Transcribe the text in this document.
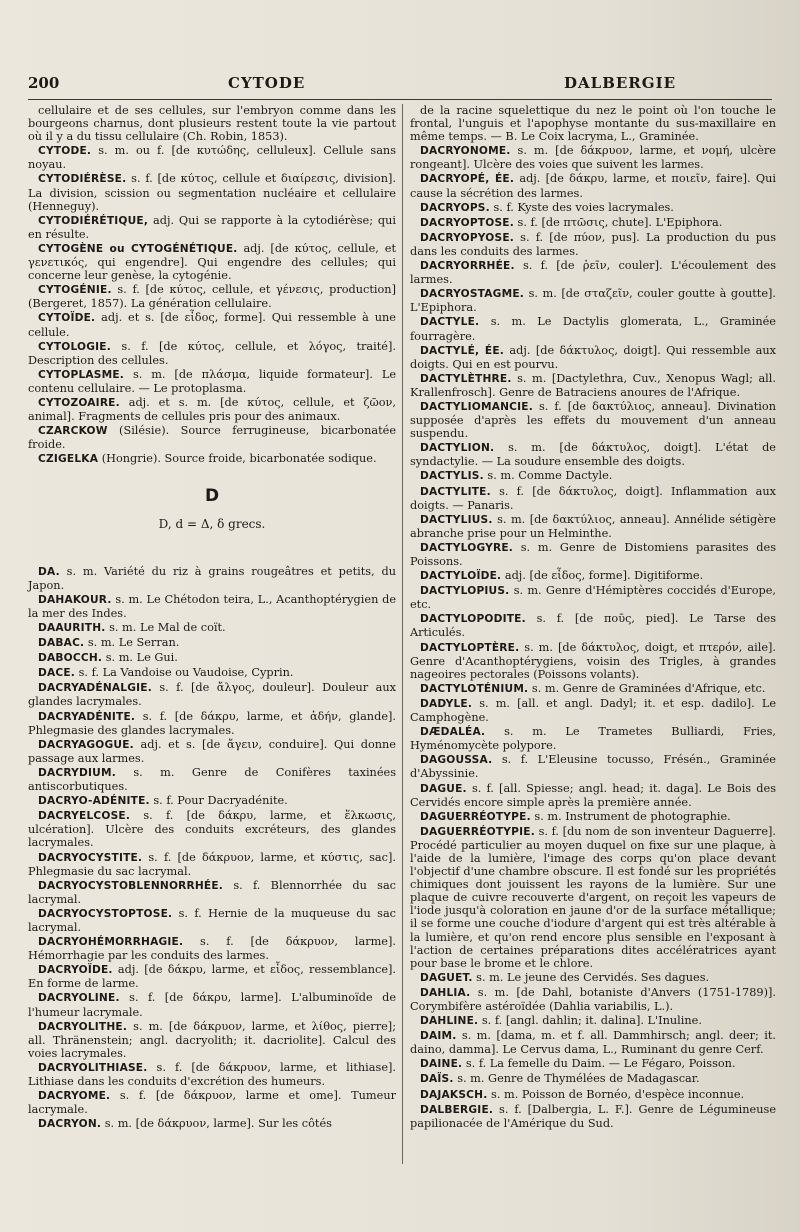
200	CYTODE	DALBERGIE

cellulaire et de ses cellules, sur l'embryon comme dans les bourgeons charnus, dont plusieurs restent toute la vie partout où il y a du tissu cellulaire (Ch. Robin, 1853).

CYTODE. s. m. ou f. [de κυτώδης, celluleux]. Cellule sans noyau.

CYTODIÉRÈSE. s. f. [de κύτος, cellule et διαίρεσις, division]. La division, scission ou segmentation nucléaire et cellulaire (Henneguy).

CYTODIÉRÉTIQUE, adj. Qui se rapporte à la cytodiérèse; qui en résulte.

CYTOGÈNE ou CYTOGÉNÉTIQUE. adj. [de κύτος, cellule, et γενετικός, qui engendre]. Qui engendre des cellules; qui concerne leur genèse, la cytogénie.

CYTOGÉNIE. s. f. [de κύτος, cellule, et γένεσις, production] (Bergeret, 1857). La génération cellulaire.

CYTOÏDE. adj. et s. [de εἶδος, forme]. Qui ressemble à une cellule.

CYTOLOGIE. s. f. [de κύτος, cellule, et λόγος, traité]. Description des cellules.

CYTOPLASME. s. m. [de πλάσμα, liquide formateur]. Le contenu cellulaire. — Le protoplasma.

CYTOZOAIRE. adj. et s. m. [de κύτος, cellule, et ζῶον, animal]. Fragments de cellules pris pour des animaux.

CZARCKOW (Silésie). Source ferrugineuse, bicarbonatée froide.

CZIGELKA (Hongrie). Source froide, bicarbonatée sodique.

D
D, d = Δ, δ grecs.

DA. s. m. Variété du riz à grains rougeâtres et petits, du Japon.

DAHAKOUR. s. m. Le Chétodon teira, L., Acanthoptérygien de la mer des Indes.

DAAURITH. s. m. Le Mal de coït.

DABAC. s. m. Le Serran.

DABOCCH. s. m. Le Gui.

DACE. s. f. La Vandoise ou Vaudoise, Cyprin.

DACRYADÉNALGIE. s. f. [de ἄλγος, douleur]. Douleur aux glandes lacrymales.

DACRYADÉNITE. s. f. [de δάκρυ, larme, et ἀδήν, glande]. Phlegmasie des glandes lacrymales.

DACRYAGOGUE. adj. et s. [de ἄγειν, conduire]. Qui donne passage aux larmes.

DACRYDIUM. s. m. Genre de Conifères taxinées antiscorbutiques.

DACRYO-ADÉNITE. s. f. Pour Dacryadénite.

DACRYELCOSE. s. f. [de δάκρυ, larme, et ἕλκωσις, ulcération]. Ulcère des conduits excréteurs, des glandes lacrymales.

DACRYOCYSTITE. s. f. [de δάκρυον, larme, et κύστις, sac]. Phlegmasie du sac lacrymal.

DACRYOCYSTOBLENNORRHÉE. s. f. Blennorrhée du sac lacrymal.

DACRYOCYSTOPTOSE. s. f. Hernie de la muqueuse du sac lacrymal.

DACRYOHÉMORRHAGIE. s. f. [de δάκρυον, larme]. Hémorrhagie par les conduits des larmes.

DACRYOÏDE. adj. [de δάκρυ, larme, et εἶδος, ressemblance]. En forme de larme.

DACRYOLINE. s. f. [de δάκρυ, larme]. L'albuminoïde de l'humeur lacrymale.

DACRYOLITHE. s. m. [de δάκρυον, larme, et λίθος, pierre]; all. Thränenstein; angl. dacryolith; it. dacriolite]. Calcul des voies lacrymales.

DACRYOLITHIASE. s. f. [de δάκρυον, larme, et lithiase]. Lithiase dans les conduits d'excrétion des humeurs.

DACRYOME. s. f. [de δάκρυον, larme et ome]. Tumeur lacrymale.

DACRYON. s. m. [de δάκρυον, larme]. Sur les côtés

de la racine squelettique du nez le point où l'on touche le frontal, l'unguis et l'apophyse montante du sus-maxillaire en même temps. — B. Le Coix lacryma, L., Graminée.

DACRYONOME. s. m. [de δάκρυον, larme, et νομή, ulcère rongeant]. Ulcère des voies que suivent les larmes.

DACRYOPÉ, ÉE. adj. [de δάκρυ, larme, et ποιεῖν, faire]. Qui cause la sécrétion des larmes.

DACRYOPS. s. f. Kyste des voies lacrymales.

DACRYOPTOSE. s. f. [de πτῶσις, chute]. L'Epiphora.

DACRYOPYOSE. s. f. [de πύον, pus]. La production du pus dans les conduits des larmes.

DACRYORRHÉE. s. f. [de ῥεῖν, couler]. L'écoulement des larmes.

DACRYOSTAGME. s. m. [de σταζεῖν, couler goutte à goutte]. L'Epiphora.

DACTYLE. s. m. Le Dactylis glomerata, L., Graminée fourragère.

DACTYLÉ, ÉE. adj. [de δάκτυλος, doigt]. Qui ressemble aux doigts. Qui en est pourvu.

DACTYLÈTHRE. s. m. [Dactylethra, Cuv., Xenopus Wagl; all. Krallenfrosch]. Genre de Batraciens anoures de l'Afrique.

DACTYLIOMANCIE. s. f. [de δακτύλιος, anneau]. Divination supposée d'après les effets du mouvement d'un anneau suspendu.

DACTYLION. s. m. [de δάκτυλος, doigt]. L'état de syndactylie. — La soudure ensemble des doigts.

DACTYLIS. s. m. Comme Dactyle.

DACTYLITE. s. f. [de δάκτυλος, doigt]. Inflammation aux doigts. — Panaris.

DACTYLIUS. s. m. [de δακτύλιος, anneau]. Annélide sétigère abranche prise pour un Helminthe.

DACTYLOGYRE. s. m. Genre de Distomiens parasites des Poissons.

DACTYLOÏDE. adj. [de εἶδος, forme]. Digitiforme.

DACTYLOPIUS. s. m. Genre d'Hémiptères coccidés d'Europe, etc.

DACTYLOPODITE. s. f. [de ποῦς, pied]. Le Tarse des Articulés.

DACTYLOPTÈRE. s. m. [de δάκτυλος, doigt, et πτερόν, aile]. Genre d'Acanthoptérygiens, voisin des Trigles, à grandes nageoires pectorales (Poissons volants).

DACTYLOTÉNIUM. s. m. Genre de Graminées d'Afrique, etc.

DADYLE. s. m. [all. et angl. Dadyl; it. et esp. dadilo]. Le Camphogène.

DÆDALÉA. s. m. Le Trametes Bulliardi, Fries, Hyménomycète polypore.

DAGOUSSA. s. f. L'Eleusine tocusso, Frésén., Graminée d'Abyssinie.

DAGUE. s. f. [all. Spiesse; angl. head; it. daga]. Le Bois des Cervidés encore simple après la première année.

DAGUERRÉOTYPE. s. m. Instrument de photographie.

DAGUERRÉOTYPIE. s. f. [du nom de son inventeur Daguerre]. Procédé particulier au moyen duquel on fixe sur une plaque, à l'aide de la lumière, l'image des corps qu'on place devant l'objectif d'une chambre obscure. Il est fondé sur les propriétés chimiques dont jouissent les rayons de la lumière. Sur une plaque de cuivre recouverte d'argent, on reçoit les vapeurs de l'iode jusqu'à coloration en jaune d'or de la surface métallique; il se forme une couche d'iodure d'argent qui est très altérable à la lumière, et qu'on rend encore plus sensible en l'exposant à l'action de certaines préparations dites accélératrices ayant pour base le brome et le chlore.

DAGUET. s. m. Le jeune des Cervidés. Ses dagues.

DAHLIA. s. m. [de Dahl, botaniste d'Anvers (1751-1789)]. Corymbifère astéroïdée (Dahlia variabilis, L.).

DAHLINE. s. f. [angl. dahlin; it. dalina]. L'Inuline.

DAIM. s. m. [dama, m. et f. all. Dammhirsch; angl. deer; it. daino, damma]. Le Cervus dama, L., Ruminant du genre Cerf.

DAINE. s. f. La femelle du Daim. — Le Fégaro, Poisson.

DAÏS. s. m. Genre de Thymélées de Madagascar.

DAJAKSCH. s. m. Poisson de Bornéo, d'espèce inconnue.

DALBERGIE. s. f. [Dalbergia, L. F.]. Genre de Légumineuse papilionacée de l'Amérique du Sud.
